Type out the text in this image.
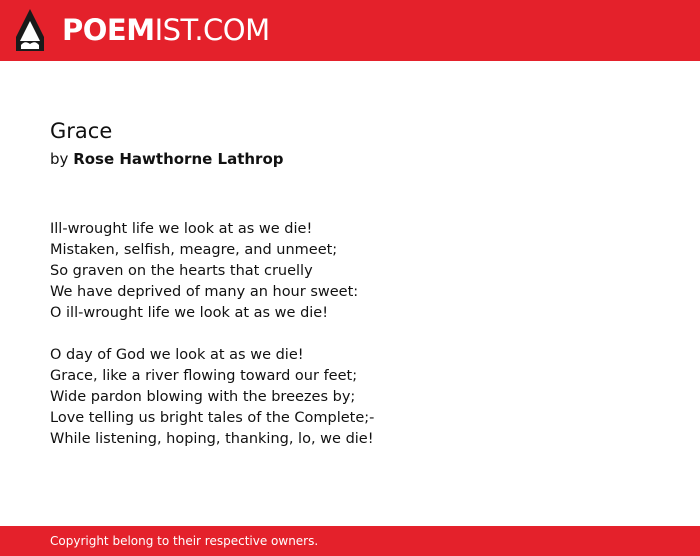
POEMIST.COM
Grace
by Rose Hawthorne Lathrop
Ill-wrought life we look at as we die!
Mistaken, selfish, meagre, and unmeet;
So graven on the hearts that cruelly
We have deprived of many an hour sweet:
O ill-wrought life we look at as we die!
O day of God we look at as we die!
Grace, like a river flowing toward our feet;
Wide pardon blowing with the breezes by;
Love telling us bright tales of the Complete;-
While listening, hoping, thanking, lo, we die!
Copyright belong to their respective owners.
